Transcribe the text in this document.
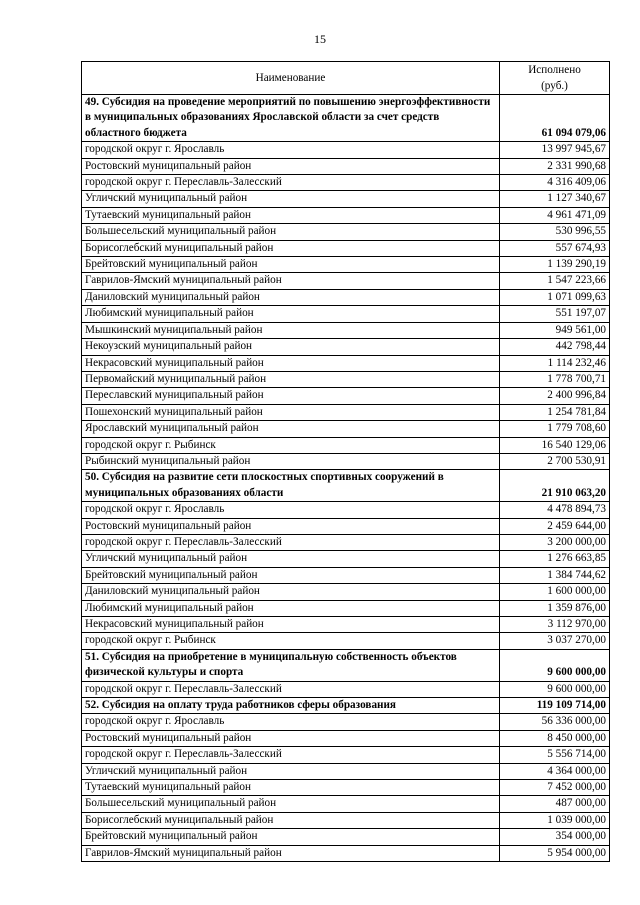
15
Наименование	Исполнено
(руб.)
49. Субсидия на проведение мероприятий по повышению энергоэффективности в муниципальных образованиях Ярославской области за счет средств областного бюджета	61 094 079,06
городской округ г. Ярославль	13 997 945,67
Ростовский муниципальный район	2 331 990,68
городской округ г. Переславль-Залесский	4 316 409,06
Угличский муниципальный район	1 127 340,67
Тутаевский муниципальный район	4 961 471,09
Большесельский муниципальный район	530 996,55
Борисоглебский муниципальный район	557 674,93
Брейтовский муниципальный район	1 139 290,19
Гаврилов-Ямский муниципальный район	1 547 223,66
Даниловский муниципальный район	1 071 099,63
Любимский муниципальный район	551 197,07
Мышкинский муниципальный район	949 561,00
Некоузский муниципальный район	442 798,44
Некрасовский муниципальный район	1 114 232,46
Первомайский муниципальный район	1 778 700,71
Переславский муниципальный район	2 400 996,84
Пошехонский муниципальный район	1 254 781,84
Ярославский муниципальный район	1 779 708,60
городской округ г. Рыбинск	16 540 129,06
Рыбинский муниципальный район	2 700 530,91
50. Субсидия на развитие сети плоскостных спортивных сооружений в муниципальных образованиях области	21 910 063,20
городской округ г. Ярославль	4 478 894,73
Ростовский муниципальный район	2 459 644,00
городской округ г. Переславль-Залесский	3 200 000,00
Угличский муниципальный район	1 276 663,85
Брейтовский муниципальный район	1 384 744,62
Даниловский муниципальный район	1 600 000,00
Любимский муниципальный район	1 359 876,00
Некрасовский муниципальный район	3 112 970,00
городской округ г. Рыбинск	3 037 270,00
51. Субсидия на приобретение в муниципальную собственность объектов физической культуры и спорта	9 600 000,00
городской округ г. Переславль-Залесский	9 600 000,00
52. Субсидия на оплату труда работников сферы образования	119 109 714,00
городской округ г. Ярославль	56 336 000,00
Ростовский муниципальный район	8 450 000,00
городской округ г. Переславль-Залесский	5 556 714,00
Угличский муниципальный район	4 364 000,00
Тутаевский муниципальный район	7 452 000,00
Большесельский муниципальный район	487 000,00
Борисоглебский муниципальный район	1 039 000,00
Брейтовский муниципальный район	354 000,00
Гаврилов-Ямский муниципальный район	5 954 000,00
